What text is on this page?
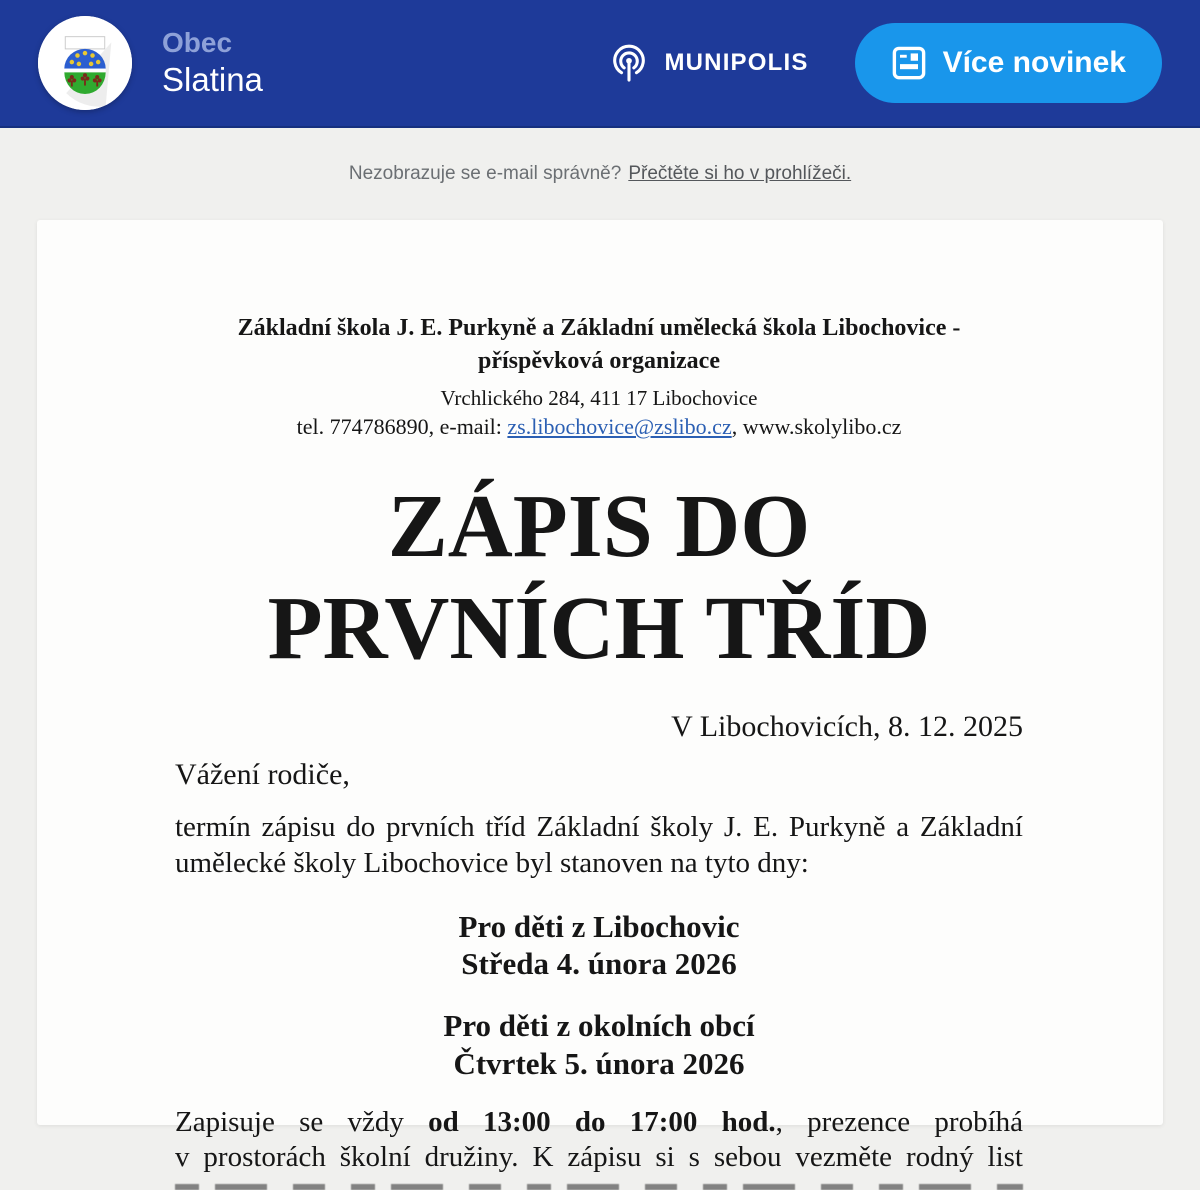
Obec
Slatina	MUNIPOLIS	Více novinek
Nezobrazuje se e-mail správně? Přečtěte si ho v prohlížeči.
Základní škola J. E. Purkyně a Základní umělecká škola Libochovice -
příspěvková organizace
Vrchlického 284, 411 17 Libochovice
tel. 774786890, e-mail: zs.libochovice@zslibo.cz, www.skolylibo.cz
ZÁPIS DO
PRVNÍCH TŘÍD
V Libochovicích, 8. 12. 2025
Vážení rodiče,
termín zápisu do prvních tříd Základní školy J. E. Purkyně a Základní
umělecké školy Libochovice byl stanoven na tyto dny:
Pro děti z Libochovic
Středa 4. února 2026
Pro děti z okolních obcí
Čtvrtek 5. února 2026
Zapisuje se vždy od 13:00 do 17:00 hod., prezence probíhá
v prostorách školní družiny. K zápisu si s sebou vezměte rodný list
